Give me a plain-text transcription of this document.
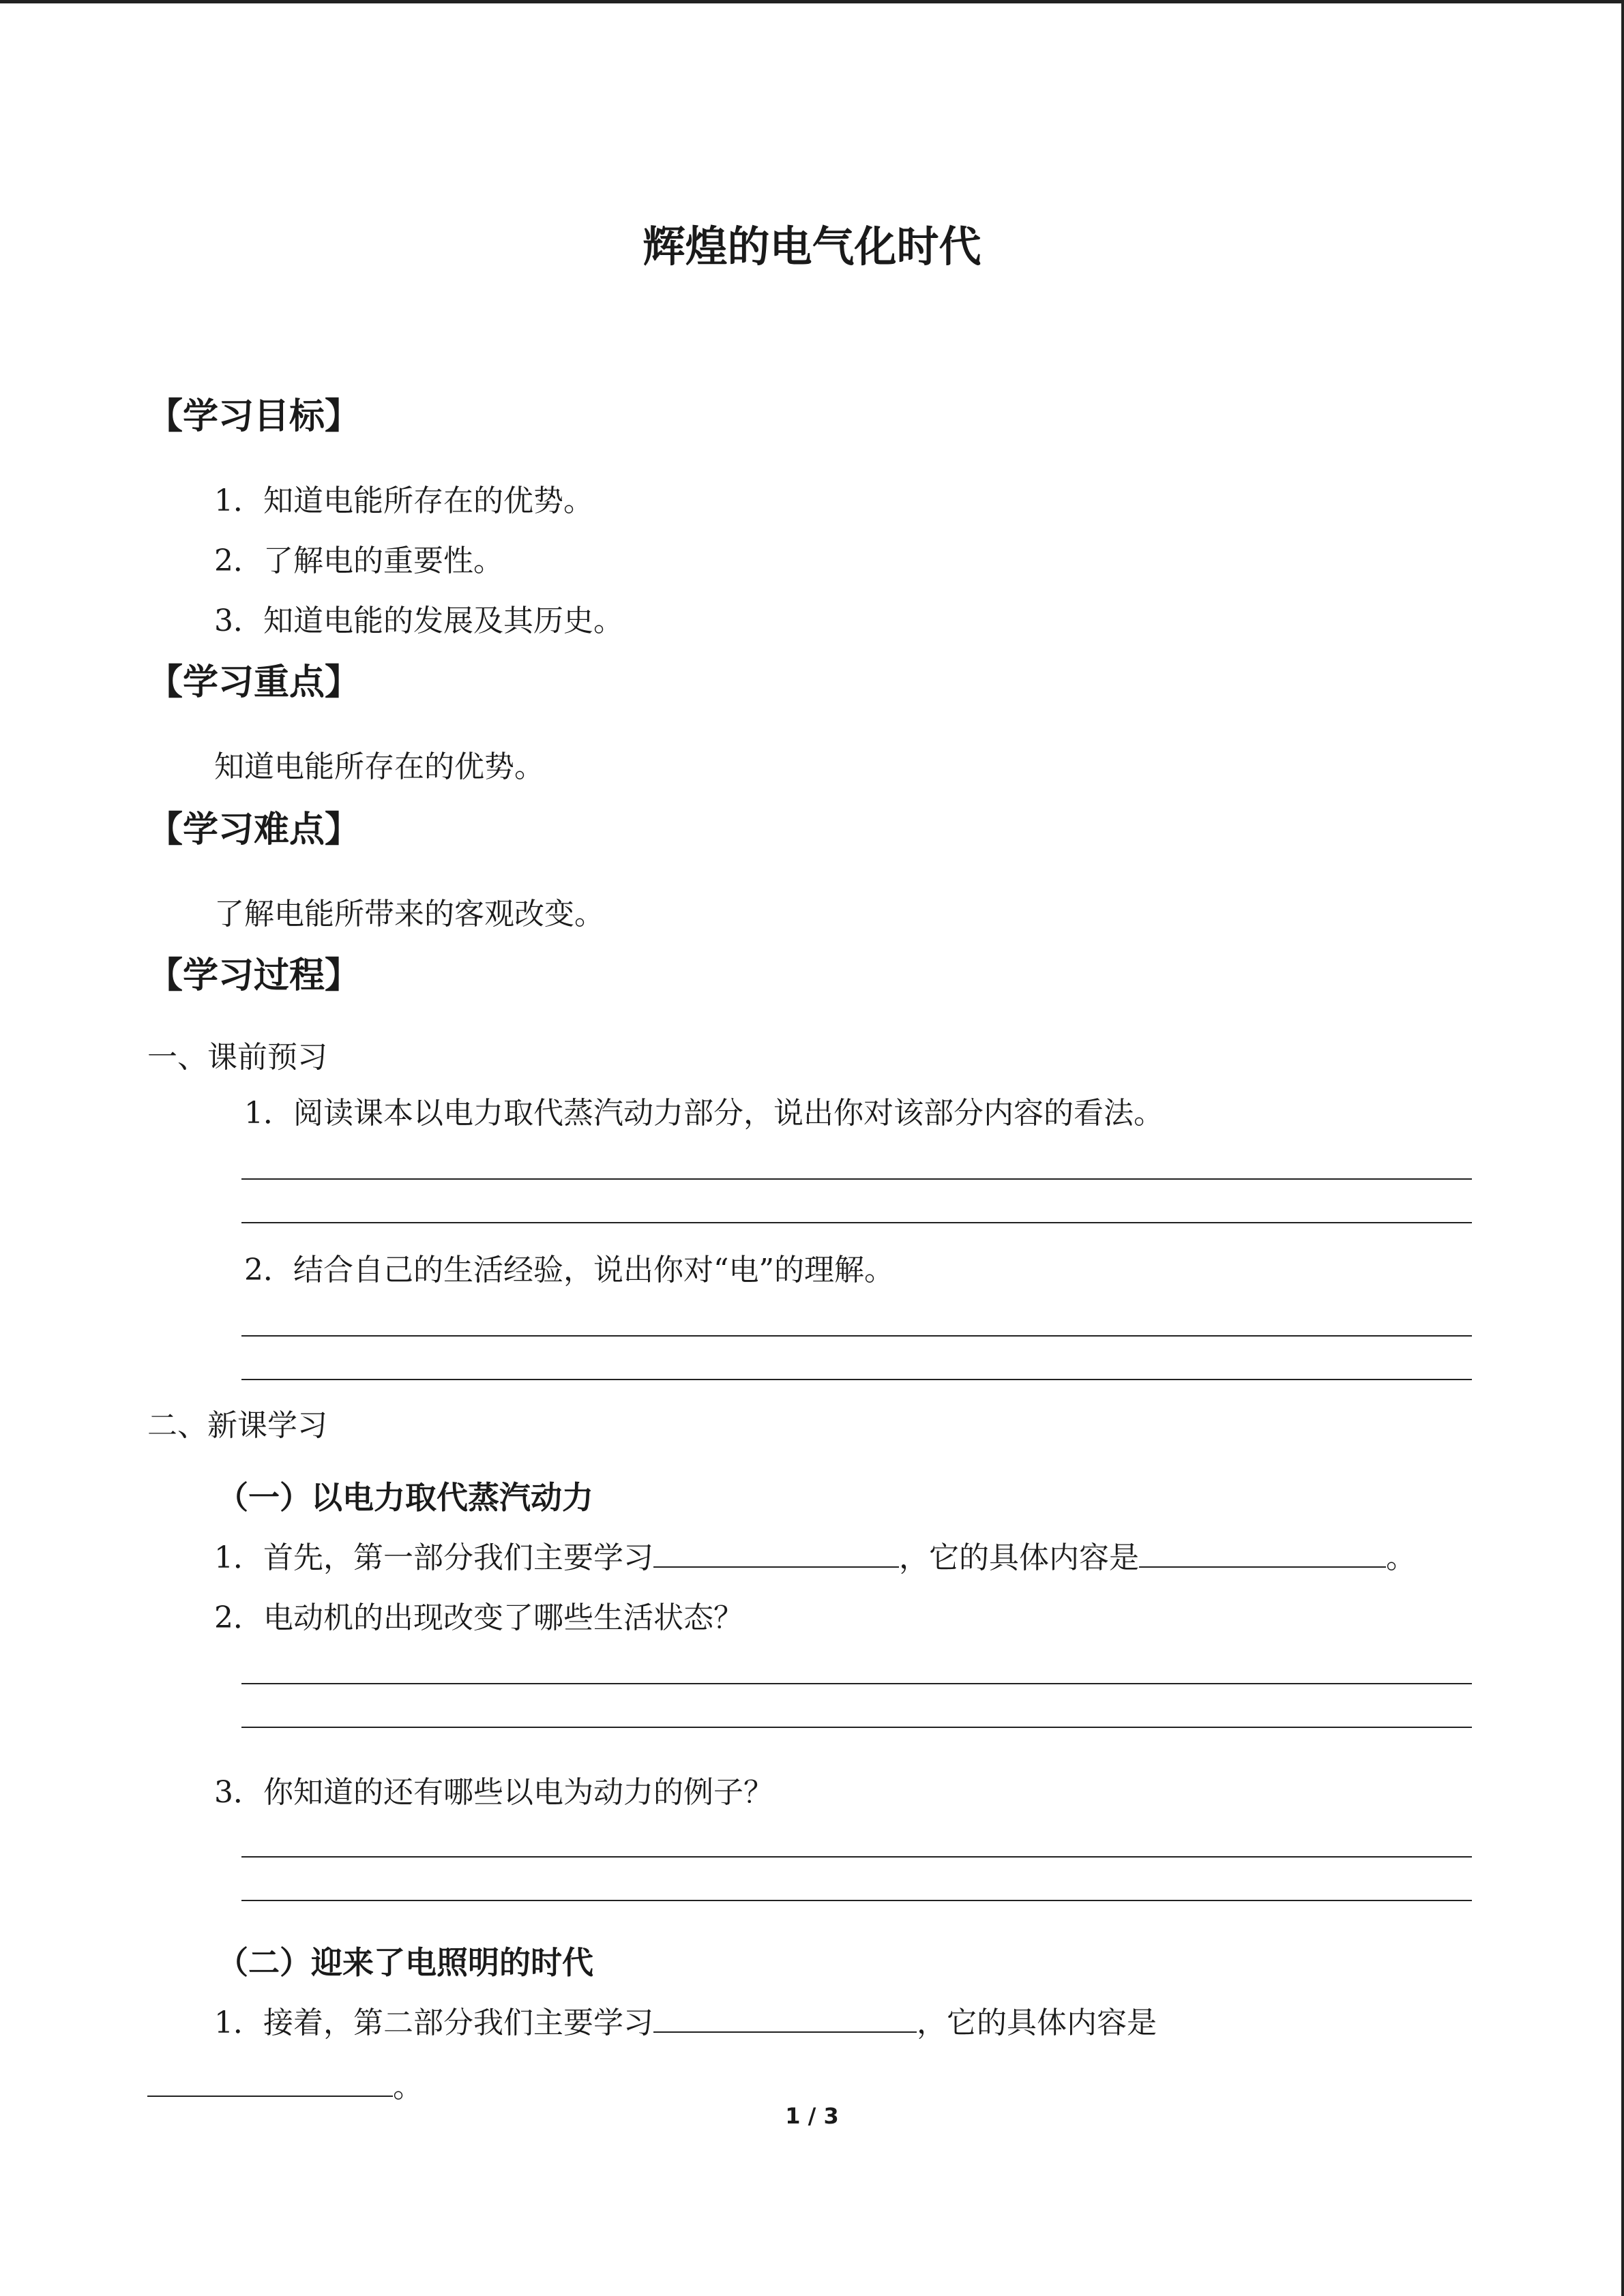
辉煌的电气化时代
【学习目标】
1．知道电能所存在的优势。
2．了解电的重要性。
3．知道电能的发展及其历史。
【学习重点】
知道电能所存在的优势。
【学习难点】
了解电能所带来的客观改变。
【学习过程】
一、课前预习
1．阅读课本以电力取代蒸汽动力部分，说出你对该部分内容的看法。
2．结合自己的生活经验，说出你对“电”的理解。
二、新课学习
（一）以电力取代蒸汽动力
1．首先，第一部分我们主要学习	，它的具体内容是	。
2．电动机的出现改变了哪些生活状态？
3．你知道的还有哪些以电为动力的例子？
（二）迎来了电照明的时代
1．接着，第二部分我们主要学习	，它的具体内容是
。
1 / 3
